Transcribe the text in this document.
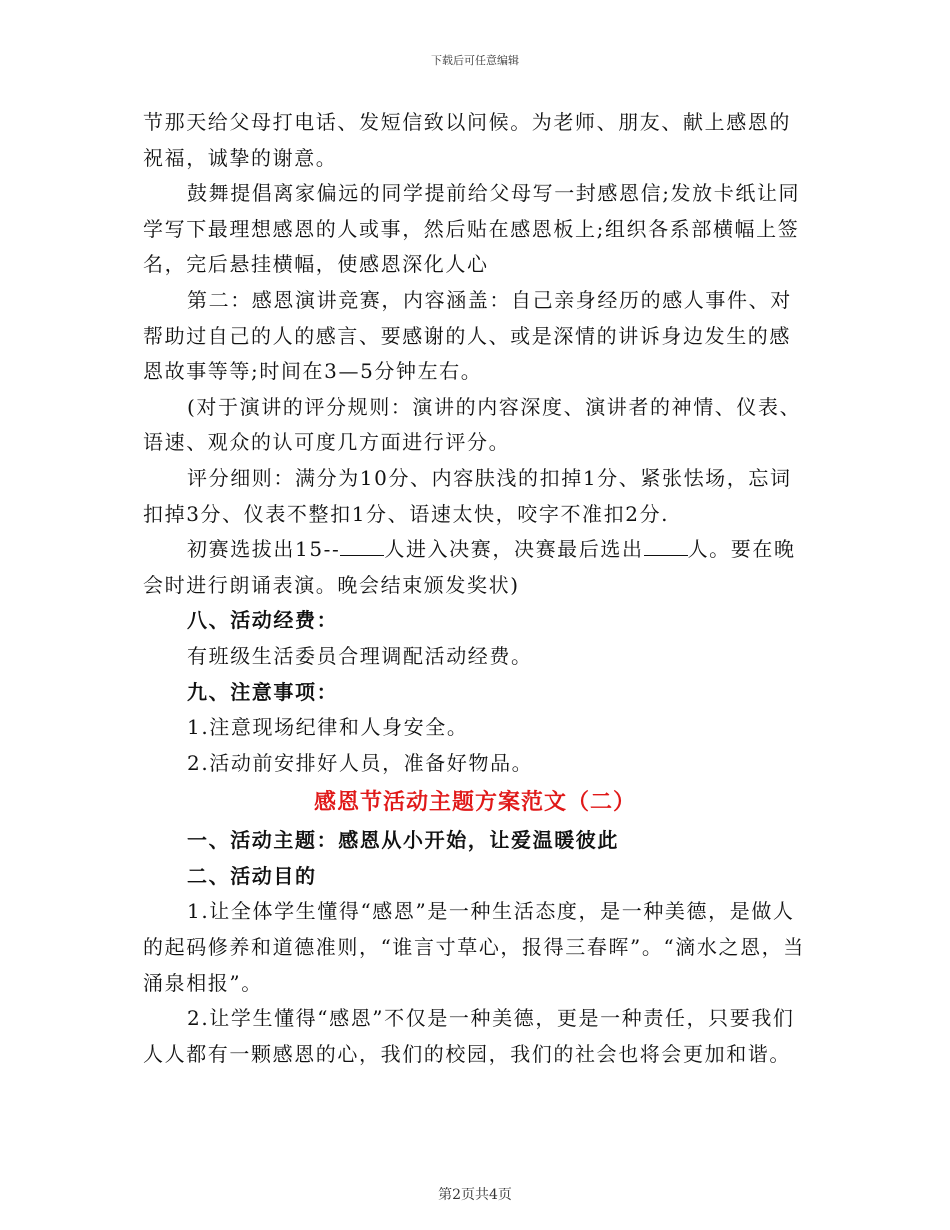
下载后可任意编辑

节那天给父母打电话、发短信致以问候。为老师、朋友、献上感恩的祝福，诚挚的谢意。

鼓舞提倡离家偏远的同学提前给父母写一封感恩信;发放卡纸让同学写下最理想感恩的人或事，然后贴在感恩板上;组织各系部横幅上签名，完后悬挂横幅，使感恩深化人心

第二：感恩演讲竞赛，内容涵盖：自己亲身经历的感人事件、对帮助过自己的人的感言、要感谢的人、或是深情的讲诉身边发生的感恩故事等等;时间在3—5分钟左右。

(对于演讲的评分规则：演讲的内容深度、演讲者的神情、仪表、语速、观众的认可度几方面进行评分。

评分细则：满分为10分、内容肤浅的扣掉1分、紧张怯场，忘词扣掉3分、仪表不整扣1分、语速太快，咬字不准扣2分.

初赛选拔出15-- 人进入决赛，决赛最后选出 人。要在晚会时进行朗诵表演。晚会结束颁发奖状)

八、活动经费：

有班级生活委员合理调配活动经费。

九、注意事项：

1.注意现场纪律和人身安全。

2.活动前安排好人员，准备好物品。

感恩节活动主题方案范文（二）

一、活动主题：感恩从小开始，让爱温暖彼此

二、活动目的

1.让全体学生懂得“感恩”是一种生活态度，是一种美德，是做人的起码修养和道德准则，“谁言寸草心，报得三春晖”。“滴水之恩，当涌泉相报”。

2.让学生懂得“感恩”不仅是一种美德，更是一种责任，只要我们人人都有一颗感恩的心，我们的校园，我们的社会也将会更加和谐。

第2页共4页
